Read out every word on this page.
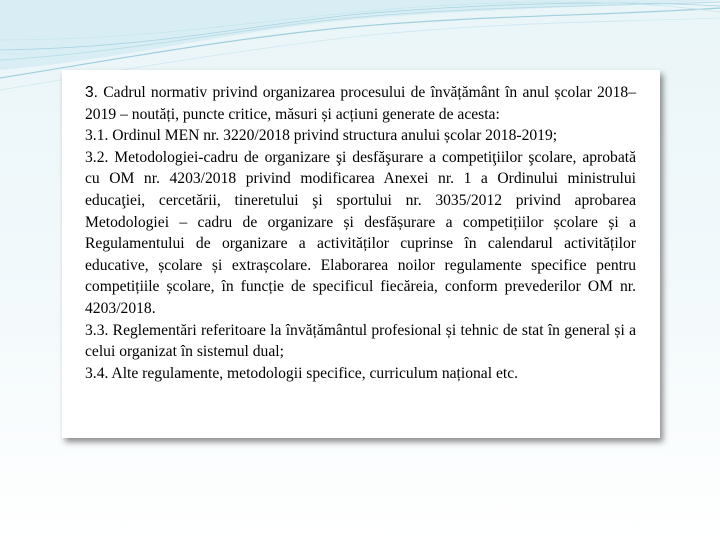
3. Cadrul normativ privind organizarea procesului de învățământ în anul școlar 2018– 2019 – noutăți, puncte critice, măsuri și acțiuni generate de acesta:

3.1. Ordinul MEN nr. 3220/2018 privind structura anului școlar 2018-2019;

3.2. Metodologiei-cadru de organizare şi desfăşurare a competiţiilor şcolare, aprobată cu OM nr. 4203/2018 privind modificarea Anexei nr. 1 a Ordinului ministrului educaţiei, cercetării, tineretului şi sportului nr. 3035/2012 privind aprobarea Metodologiei – cadru de organizare și desfășurare a competițiilor școlare și a Regulamentului de organizare a activităților cuprinse în calendarul activităților educative, școlare și extrașcolare. Elaborarea noilor regulamente specifice pentru competițiile școlare, în funcție de specificul fiecăreia, conform prevederilor OM nr. 4203/2018.

3.3. Reglementări referitoare la învățământul profesional și tehnic de stat în general și a celui organizat în sistemul dual;

3.4. Alte regulamente, metodologii specifice, curriculum național etc.
